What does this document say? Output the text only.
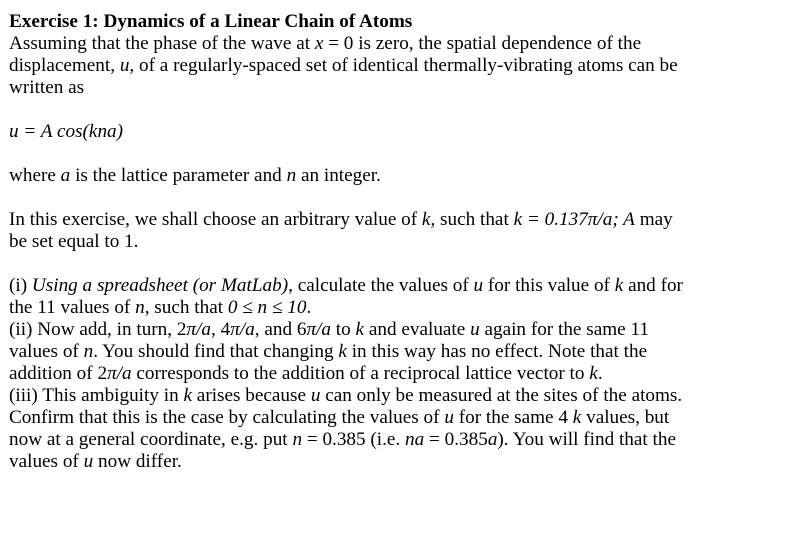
Exercise 1: Dynamics of a Linear Chain of Atoms
Assuming that the phase of the wave at x = 0 is zero, the spatial dependence of the
displacement, u, of a regularly-spaced set of identical thermally-vibrating atoms can be
written as
u = A cos(kna)
where a is the lattice parameter and n an integer.
In this exercise, we shall choose an arbitrary value of k, such that k = 0.137π/a; A may
be set equal to 1.
(i) Using a spreadsheet (or MatLab), calculate the values of u for this value of k and for
the 11 values of n, such that 0 ≤ n ≤ 10.
(ii) Now add, in turn, 2π/a, 4π/a, and 6π/a to k and evaluate u again for the same 11
values of n. You should find that changing k in this way has no effect. Note that the
addition of 2π/a corresponds to the addition of a reciprocal lattice vector to k.
(iii) This ambiguity in k arises because u can only be measured at the sites of the atoms.
Confirm that this is the case by calculating the values of u for the same 4 k values, but
now at a general coordinate, e.g. put n = 0.385 (i.e. na = 0.385a). You will find that the
values of u now differ.
